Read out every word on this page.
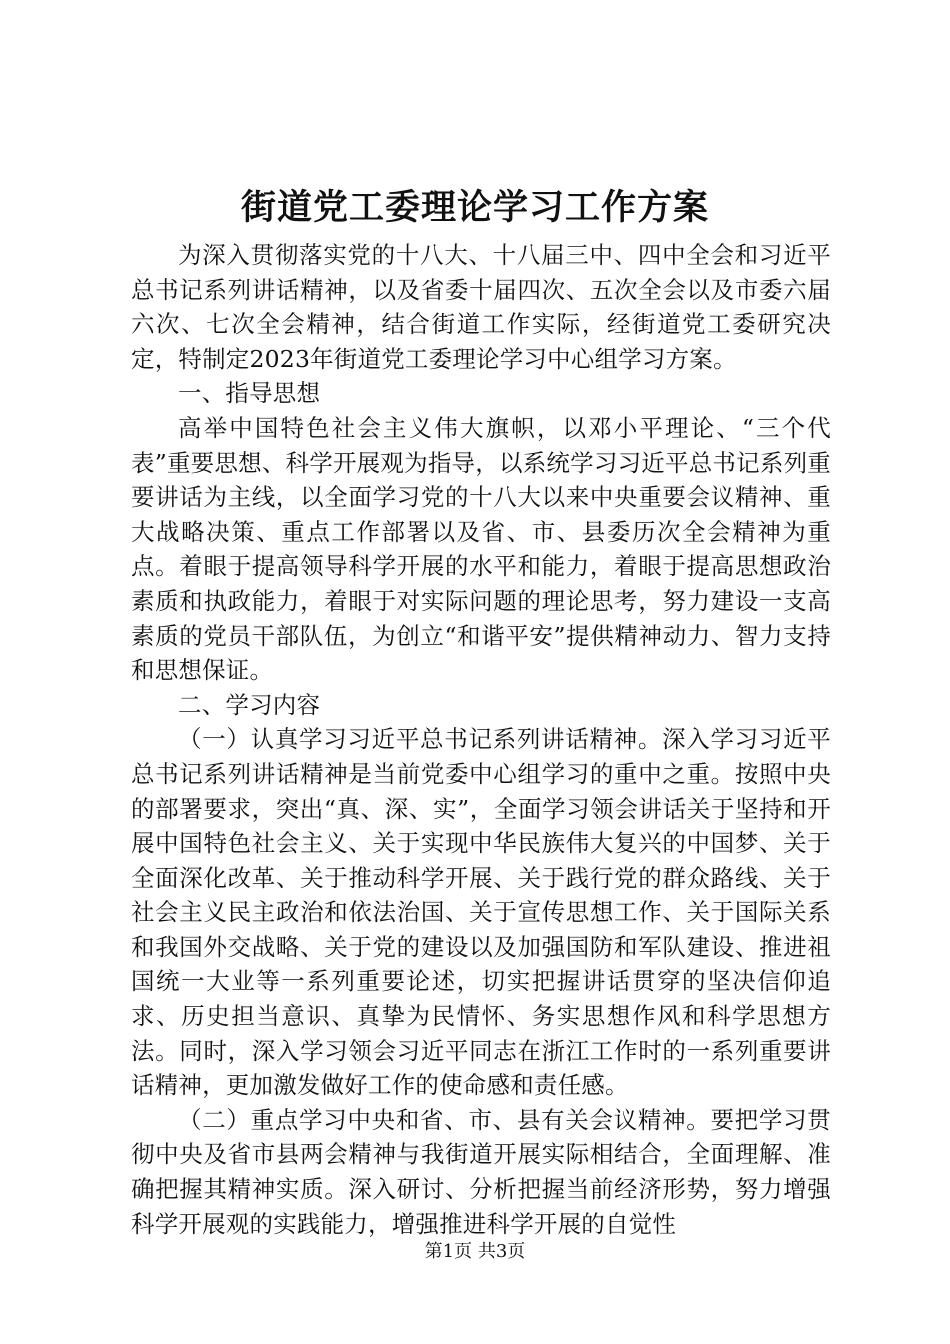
街道党工委理论学习工作方案

为深入贯彻落实党的十八大、十八届三中、四中全会和习近平总书记系列讲话精神，以及省委十届四次、五次全会以及市委六届六次、七次全会精神，结合街道工作实际，经街道党工委研究决定，特制定2023年街道党工委理论学习中心组学习方案。

一、指导思想

高举中国特色社会主义伟大旗帜，以邓小平理论、“三个代表”重要思想、科学开展观为指导，以系统学习习近平总书记系列重要讲话为主线，以全面学习党的十八大以来中央重要会议精神、重大战略决策、重点工作部署以及省、市、县委历次全会精神为重点。着眼于提高领导科学开展的水平和能力，着眼于提高思想政治素质和执政能力，着眼于对实际问题的理论思考，努力建设一支高素质的党员干部队伍，为创立“和谐平安”提供精神动力、智力支持和思想保证。

二、学习内容

（一）认真学习习近平总书记系列讲话精神。深入学习习近平总书记系列讲话精神是当前党委中心组学习的重中之重。按照中央的部署要求，突出“真、深、实”，全面学习领会讲话关于坚持和开展中国特色社会主义、关于实现中华民族伟大复兴的中国梦、关于全面深化改革、关于推动科学开展、关于践行党的群众路线、关于社会主义民主政治和依法治国、关于宣传思想工作、关于国际关系和我国外交战略、关于党的建设以及加强国防和军队建设、推进祖国统一大业等一系列重要论述，切实把握讲话贯穿的坚决信仰追求、历史担当意识、真挚为民情怀、务实思想作风和科学思想方法。同时，深入学习领会习近平同志在浙江工作时的一系列重要讲话精神，更加激发做好工作的使命感和责任感。

（二）重点学习中央和省、市、县有关会议精神。要把学习贯彻中央及省市县两会精神与我街道开展实际相结合，全面理解、准确把握其精神实质。深入研讨、分析把握当前经济形势，努力增强科学开展观的实践能力，增强推进科学开展的自觉性

第1页 共3页
